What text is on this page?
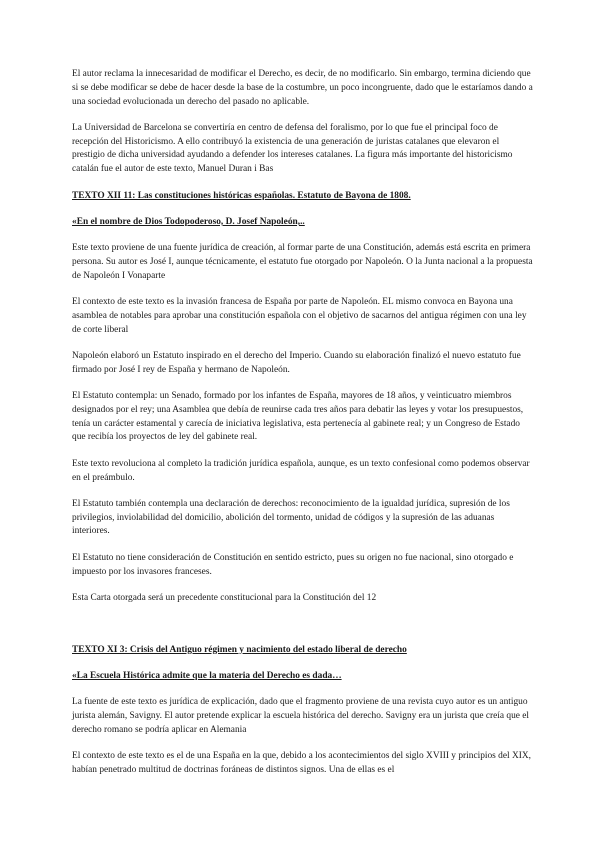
El autor reclama la innecesaridad de modificar el Derecho, es decir, de no modificarlo. Sin embargo, termina diciendo que si se debe modificar se debe de hacer desde la base de la costumbre, un poco incongruente, dado que le estaríamos dando a una sociedad evolucionada un derecho del pasado no aplicable.

La Universidad de Barcelona se convertiría en centro de defensa del foralismo, por lo que fue el principal foco de recepción del Historicismo. A ello contribuyó la existencia de una generación de juristas catalanes que elevaron el prestigio de dicha universidad ayudando a defender los intereses catalanes. La figura más importante del historicismo catalán fue el autor de este texto, Manuel Duran i Bas

TEXTO XII 11: Las constituciones históricas españolas. Estatuto de Bayona de 1808.

«En el nombre de Dios Todopoderoso, D. Josef Napoleón,..

Este texto proviene de una fuente jurídica de creación, al formar parte de una Constitución, además está escrita en primera persona. Su autor es José I, aunque técnicamente, el estatuto fue otorgado por Napoleón. O la Junta nacional a la propuesta de Napoleón I Vonaparte

El contexto de este texto es la invasión francesa de España por parte de Napoleón. EL mismo convoca en Bayona una asamblea de notables para aprobar una constitución española con el objetivo de sacarnos del antigua régimen con una ley de corte liberal

Napoleón elaboró un Estatuto inspirado en el derecho del Imperio. Cuando su elaboración finalizó el nuevo estatuto fue firmado por José I rey de España y hermano de Napoleón.

El Estatuto contempla: un Senado, formado por los infantes de España, mayores de 18 años, y veinticuatro miembros designados por el rey; una Asamblea que debía de reunirse cada tres años para debatir las leyes y votar los presupuestos, tenía un carácter estamental y carecía de iniciativa legislativa, esta pertenecía al gabinete real; y un Congreso de Estado que recibía los proyectos de ley del gabinete real.

Este texto revoluciona al completo la tradición jurídica española, aunque, es un texto confesional como podemos observar en el preámbulo.

El Estatuto también contempla una declaración de derechos: reconocimiento de la igualdad jurídica, supresión de los privilegios, inviolabilidad del domicilio, abolición del tormento, unidad de códigos y la supresión de las aduanas interiores.

El Estatuto no tiene consideración de Constitución en sentido estricto, pues su origen no fue nacional, sino otorgado e impuesto por los invasores franceses.

Esta Carta otorgada será un precedente constitucional para la Constitución del 12

TEXTO XI 3: Crisis del Antiguo régimen y nacimiento del estado liberal de derecho

«La Escuela Histórica admite que la materia del Derecho es dada…

La fuente de este texto es jurídica de explicación, dado que el fragmento proviene de una revista cuyo autor es un antiguo jurista alemán, Savigny. El autor pretende explicar la escuela histórica del derecho. Savigny era un jurista que creía que el derecho romano se podría aplicar en Alemania

El contexto de este texto es el de una España en la que, debido a los acontecimientos del siglo XVIII y principios del XIX, habían penetrado multitud de doctrinas foráneas de distintos signos. Una de ellas es el
